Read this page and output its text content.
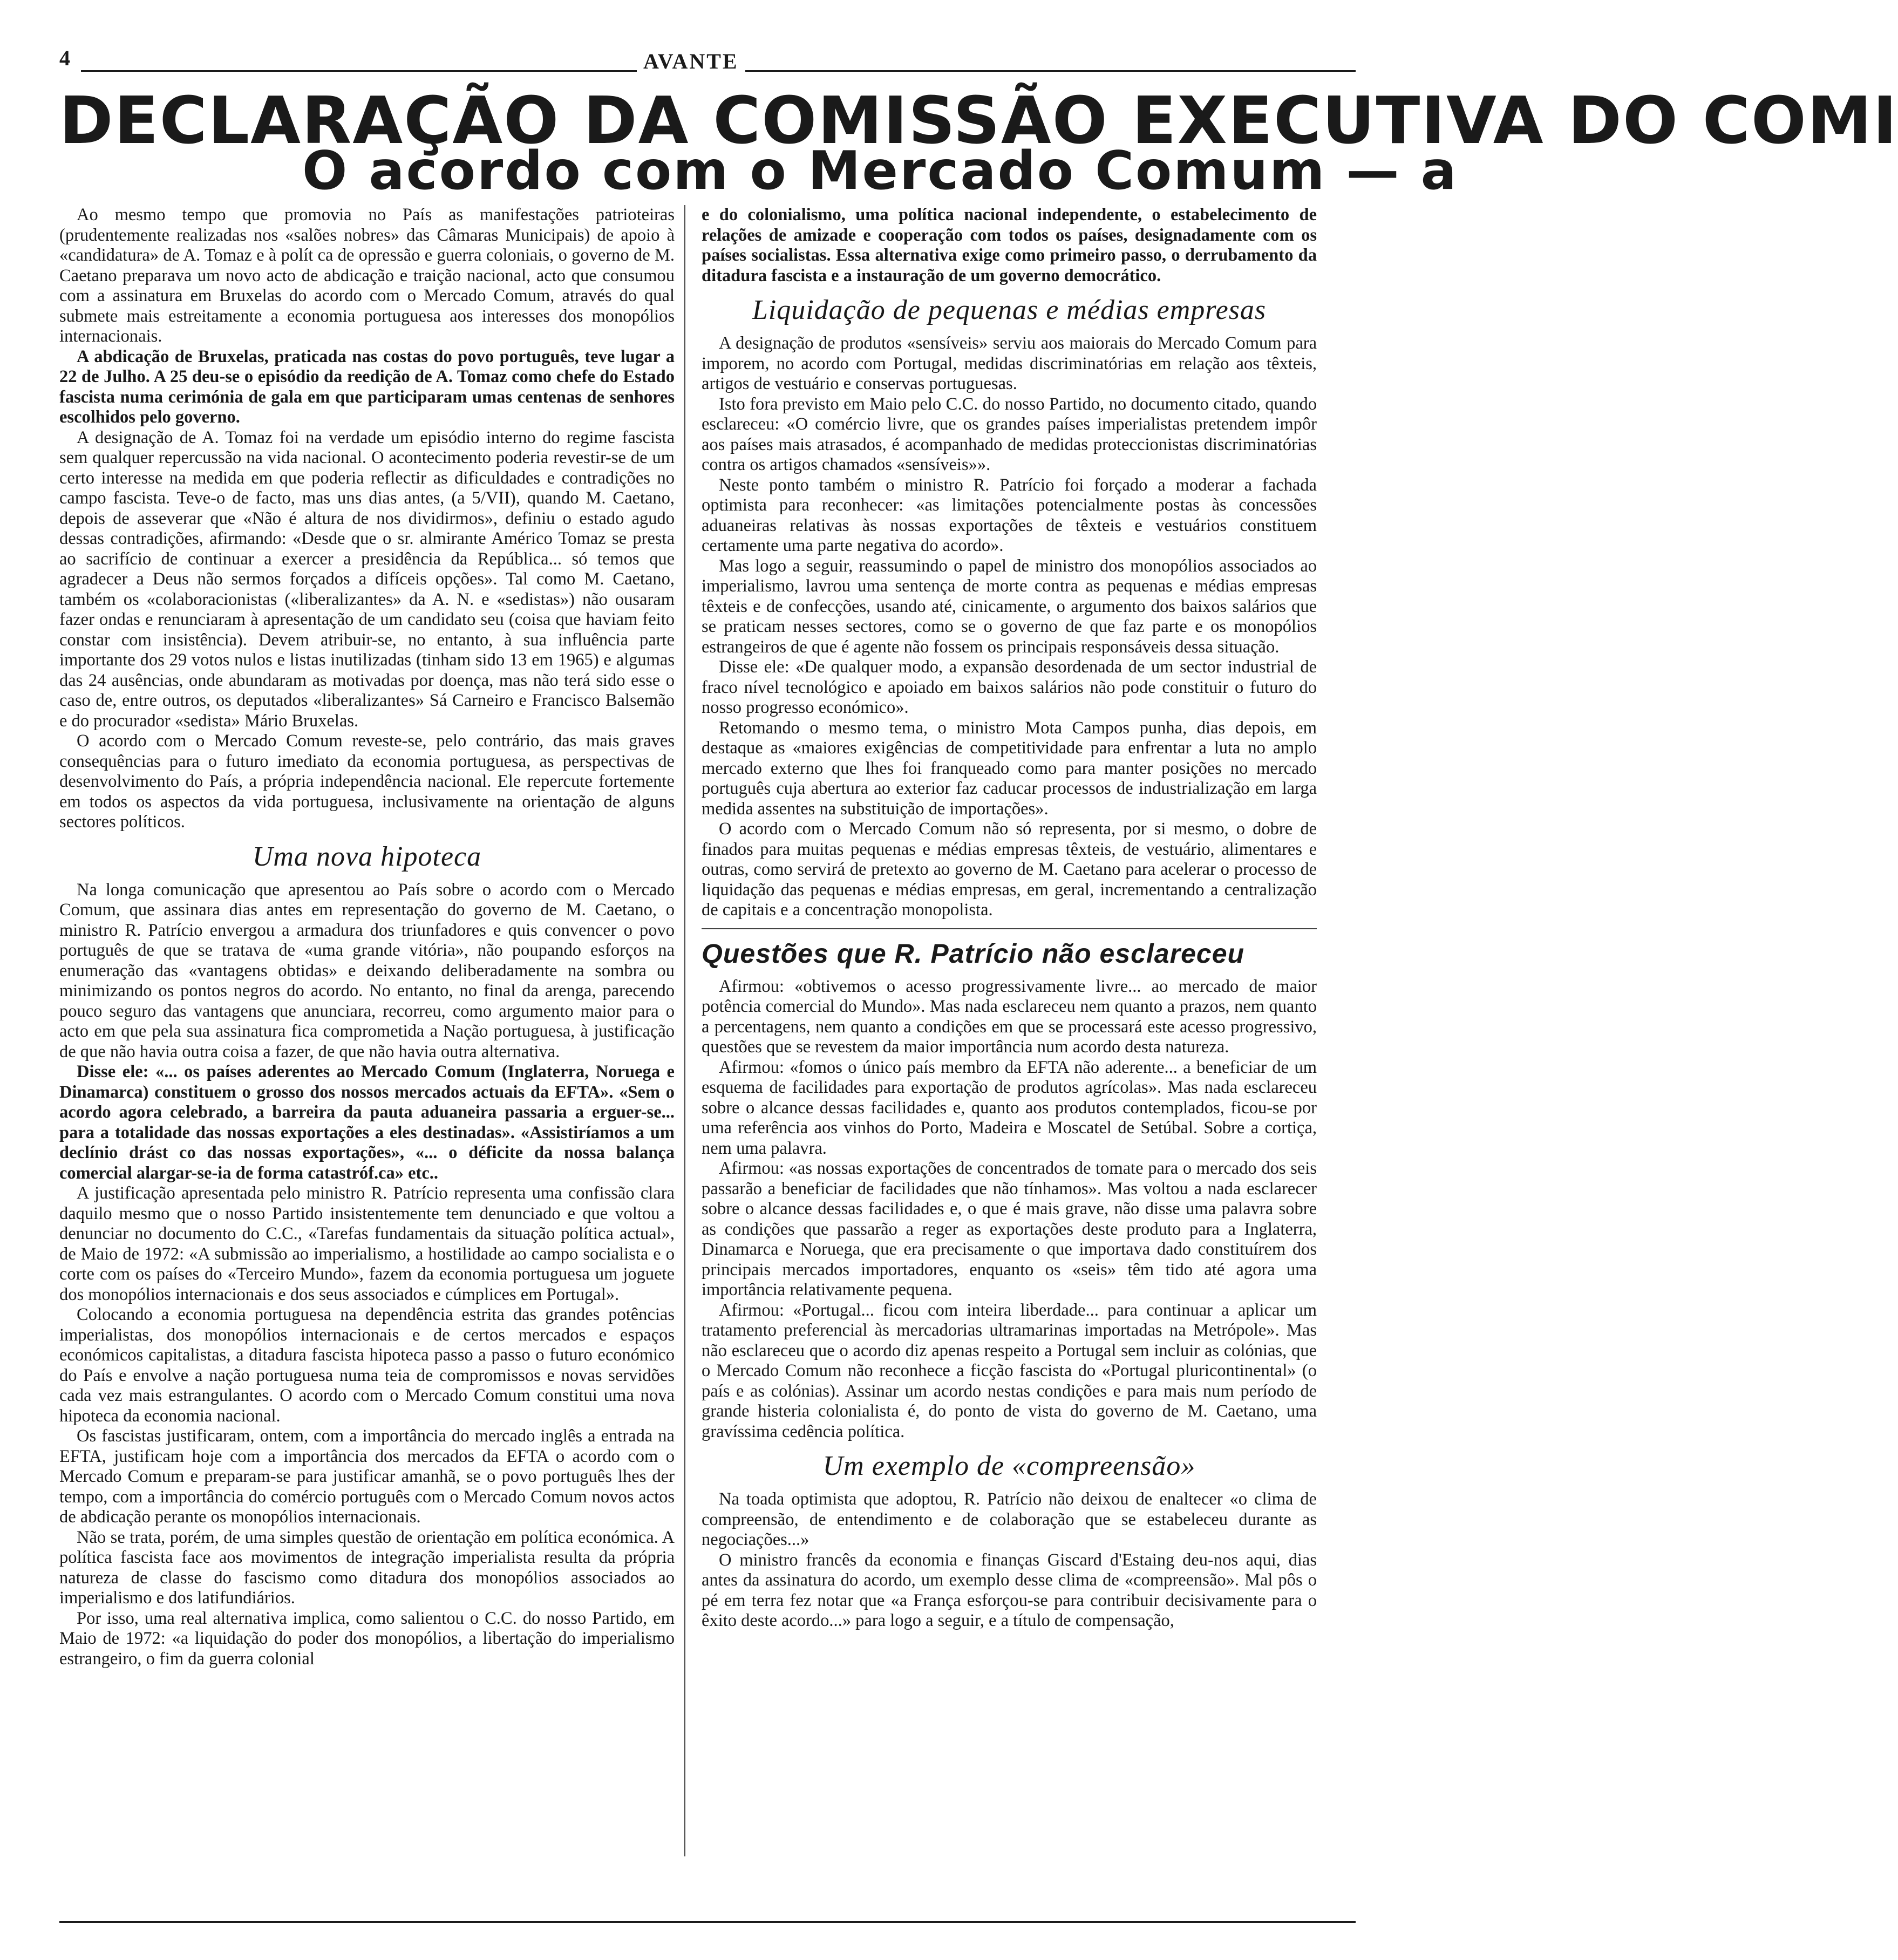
4	AVANTE
DECLARAÇÃO DA COMISSÃO EXECUTIVA DO COMI
O acordo com o Mercado Comum — a

Ao mesmo tempo que promovia no País as manifestações patrioteiras (prudentemente realizadas nos «salões nobres» das Câmaras Municipais) de apoio à «candidatura» de A. Tomaz e à polít ca de opressão e guerra coloniais, o governo de M. Caetano preparava um novo acto de abdicação e traição nacional, acto que consumou com a assinatura em Bruxelas do acordo com o Mercado Comum, através do qual submete mais estreitamente a economia portuguesa aos interesses dos monopólios internacionais.

A abdicação de Bruxelas, praticada nas costas do povo português, teve lugar a 22 de Julho. A 25 deu-se o episódio da reedição de A. Tomaz como chefe do Estado fascista numa cerimónia de gala em que participaram umas centenas de senhores escolhidos pelo governo.

A designação de A. Tomaz foi na verdade um episódio interno do regime fascista sem qualquer repercussão na vida nacional. O acontecimento poderia revestir-se de um certo interesse na medida em que poderia reflectir as dificuldades e contradições no campo fascista. Teve-o de facto, mas uns dias antes, (a 5/VII), quando M. Caetano, depois de asseverar que «Não é altura de nos dividirmos», definiu o estado agudo dessas contradições, afirmando: «Desde que o sr. almirante Américo Tomaz se presta ao sacrifício de continuar a exercer a presidência da República... só temos que agradecer a Deus não sermos forçados a difíceis opções». Tal como M. Caetano, também os «colaboracionistas («liberalizantes» da A. N. e «sedistas») não ousaram fazer ondas e renunciaram à apresentação de um candidato seu (coisa que haviam feito constar com insistência). Devem atribuir-se, no entanto, à sua influência parte importante dos 29 votos nulos e listas inutilizadas (tinham sido 13 em 1965) e algumas das 24 ausências, onde abundaram as motivadas por doença, mas não terá sido esse o caso de, entre outros, os deputados «liberalizantes» Sá Carneiro e Francisco Balsemão e do procurador «sedista» Mário Bruxelas.

O acordo com o Mercado Comum reveste-se, pelo contrário, das mais graves consequências para o futuro imediato da economia portuguesa, as perspectivas de desenvolvimento do País, a própria independência nacional. Ele repercute fortemente em todos os aspectos da vida portuguesa, inclusivamente na orientação de alguns sectores políticos.

Uma nova hipoteca

Na longa comunicação que apresentou ao País sobre o acordo com o Mercado Comum, que assinara dias antes em representação do governo de M. Caetano, o ministro R. Patrício envergou a armadura dos triunfadores e quis convencer o povo português de que se tratava de «uma grande vitória», não poupando esforços na enumeração das «vantagens obtidas» e deixando deliberadamente na sombra ou minimizando os pontos negros do acordo. No entanto, no final da arenga, parecendo pouco seguro das vantagens que anunciara, recorreu, como argumento maior para o acto em que pela sua assinatura fica comprometida a Nação portuguesa, à justificação de que não havia outra coisa a fazer, de que não havia outra alternativa.

Disse ele: «... os países aderentes ao Mercado Comum (Inglaterra, Noruega e Dinamarca) constituem o grosso dos nossos mercados actuais da EFTA». «Sem o acordo agora celebrado, a barreira da pauta aduaneira passaria a erguer-se... para a totalidade das nossas exportações a eles destinadas». «Assistiríamos a um declínio drást co das nossas exportações», «... o déficite da nossa balança comercial alargar-se-ia de forma catastróf.ca» etc..

A justificação apresentada pelo ministro R. Patrício representa uma confissão clara daquilo mesmo que o nosso Partido insistentemente tem denunciado e que voltou a denunciar no documento do C.C., «Tarefas fundamentais da situação política actual», de Maio de 1972: «A submissão ao imperialismo, a hostilidade ao campo socialista e o corte com os países do «Terceiro Mundo», fazem da economia portuguesa um joguete dos monopólios internacionais e dos seus associados e cúmplices em Portugal».

Colocando a economia portuguesa na dependência estrita das grandes potências imperialistas, dos monopólios internacionais e de certos mercados e espaços económicos capitalistas, a ditadura fascista hipoteca passo a passo o futuro económico do País e envolve a nação portuguesa numa teia de compromissos e novas servidões cada vez mais estrangulantes. O acordo com o Mercado Comum constitui uma nova hipoteca da economia nacional.

Os fascistas justificaram, ontem, com a importância do mercado inglês a entrada na EFTA, justificam hoje com a importância dos mercados da EFTA o acordo com o Mercado Comum e preparam-se para justificar amanhã, se o povo português lhes der tempo, com a importância do comércio português com o Mercado Comum novos actos de abdicação perante os monopólios internacionais.

Não se trata, porém, de uma simples questão de orientação em política económica. A política fascista face aos movimentos de integração imperialista resulta da própria natureza de classe do fascismo como ditadura dos monopólios associados ao imperialismo e dos latifundiários.

Por isso, uma real alternativa implica, como salientou o C.C. do nosso Partido, em Maio de 1972: «a liquidação do poder dos monopólios, a libertação do imperialismo estrangeiro, o fim da guerra colonial

e do colonialismo, uma política nacional independente, o estabelecimento de relações de amizade e cooperação com todos os países, designadamente com os países socialistas. Essa alternativa exige como primeiro passo, o derrubamento da ditadura fascista e a instauração de um governo democrático.

Liquidação de pequenas e médias empresas

A designação de produtos «sensíveis» serviu aos maiorais do Mercado Comum para imporem, no acordo com Portugal, medidas discriminatórias em relação aos têxteis, artigos de vestuário e conservas portuguesas.

Isto fora previsto em Maio pelo C.C. do nosso Partido, no documento citado, quando esclareceu: «O comércio livre, que os grandes países imperialistas pretendem impôr aos países mais atrasados, é acompanhado de medidas proteccionistas discriminatórias contra os artigos chamados «sensíveis»».

Neste ponto também o ministro R. Patrício foi forçado a moderar a fachada optimista para reconhecer: «as limitações potencialmente postas às concessões aduaneiras relativas às nossas exportações de têxteis e vestuários constituem certamente uma parte negativa do acordo».

Mas logo a seguir, reassumindo o papel de ministro dos monopólios associados ao imperialismo, lavrou uma sentença de morte contra as pequenas e médias empresas têxteis e de confecções, usando até, cinicamente, o argumento dos baixos salários que se praticam nesses sectores, como se o governo de que faz parte e os monopólios estrangeiros de que é agente não fossem os principais responsáveis dessa situação.

Disse ele: «De qualquer modo, a expansão desordenada de um sector industrial de fraco nível tecnológico e apoiado em baixos salários não pode constituir o futuro do nosso progresso económico».

Retomando o mesmo tema, o ministro Mota Campos punha, dias depois, em destaque as «maiores exigências de competitividade para enfrentar a luta no amplo mercado externo que lhes foi franqueado como para manter posições no mercado português cuja abertura ao exterior faz caducar processos de industrialização em larga medida assentes na substituição de importações».

O acordo com o Mercado Comum não só representa, por si mesmo, o dobre de finados para muitas pequenas e médias empresas têxteis, de vestuário, alimentares e outras, como servirá de pretexto ao governo de M. Caetano para acelerar o processo de liquidação das pequenas e médias empresas, em geral, incrementando a centralização de capitais e a concentração monopolista.

Questões que R. Patrício não esclareceu

Afirmou: «obtivemos o acesso progressivamente livre... ao mercado de maior potência comercial do Mundo». Mas nada esclareceu nem quanto a prazos, nem quanto a percentagens, nem quanto a condições em que se processará este acesso progressivo, questões que se revestem da maior importância num acordo desta natureza.

Afirmou: «fomos o único país membro da EFTA não aderente... a beneficiar de um esquema de facilidades para exportação de produtos agrícolas». Mas nada esclareceu sobre o alcance dessas facilidades e, quanto aos produtos contemplados, ficou-se por uma referência aos vinhos do Porto, Madeira e Moscatel de Setúbal. Sobre a cortiça, nem uma palavra.

Afirmou: «as nossas exportações de concentrados de tomate para o mercado dos seis passarão a beneficiar de facilidades que não tínhamos». Mas voltou a nada esclarecer sobre o alcance dessas facilidades e, o que é mais grave, não disse uma palavra sobre as condições que passarão a reger as exportações deste produto para a Inglaterra, Dinamarca e Noruega, que era precisamente o que importava dado constituírem dos principais mercados importadores, enquanto os «seis» têm tido até agora uma importância relativamente pequena.

Afirmou: «Portugal... ficou com inteira liberdade... para continuar a aplicar um tratamento preferencial às mercadorias ultramarinas importadas na Metrópole». Mas não esclareceu que o acordo diz apenas respeito a Portugal sem incluir as colónias, que o Mercado Comum não reconhece a ficção fascista do «Portugal pluricontinental» (o país e as colónias). Assinar um acordo nestas condições e para mais num período de grande histeria colonialista é, do ponto de vista do governo de M. Caetano, uma gravíssima cedência política.

Um exemplo de «compreensão»

Na toada optimista que adoptou, R. Patrício não deixou de enaltecer «o clima de compreensão, de entendimento e de colaboração que se estabeleceu durante as negociações...»

O ministro francês da economia e finanças Giscard d'Estaing deu-nos aqui, dias antes da assinatura do acordo, um exemplo desse clima de «compreensão». Mal pôs o pé em terra fez notar que «a França esforçou-se para contribuir decisivamente para o êxito deste acordo...» para logo a seguir, e a título de compensação,
